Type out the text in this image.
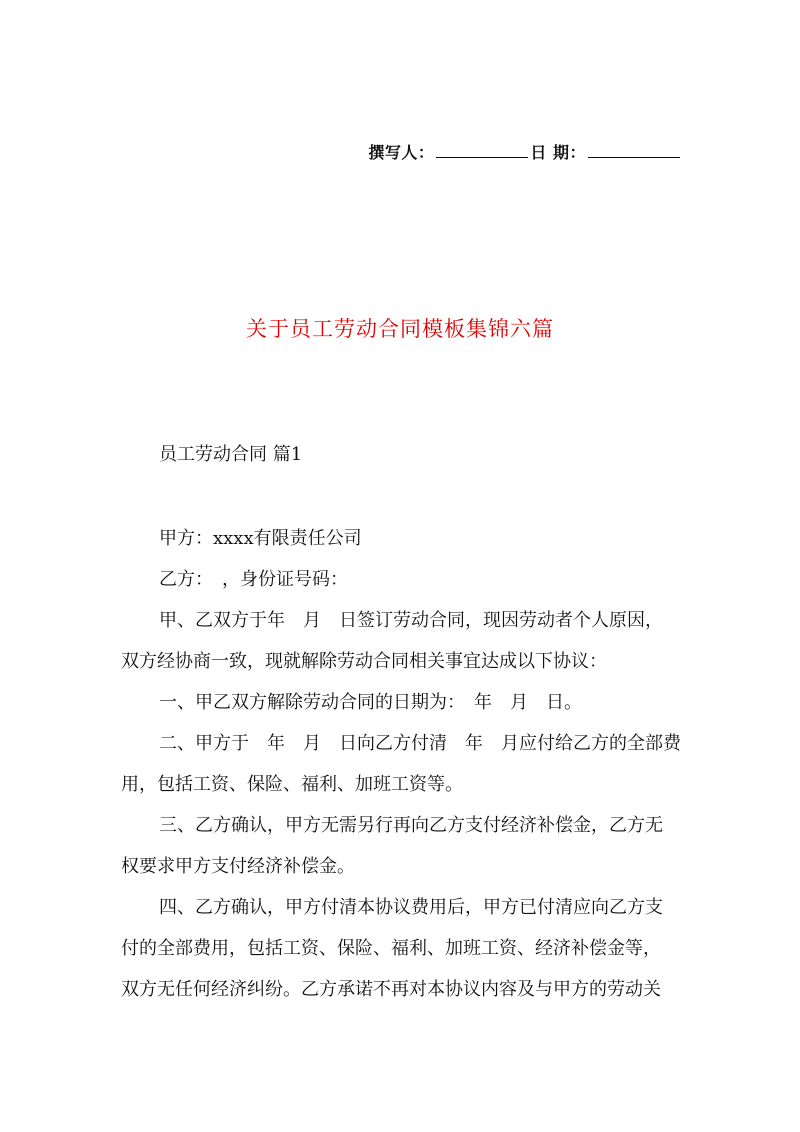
撰写人：	日 期：
关于员工劳动合同模板集锦六篇
员工劳动合同 篇1
甲方：xxxx有限责任公司
乙方：　，身份证号码：
甲、乙双方于年　月　日签订劳动合同，现因劳动者个人原因，
双方经协商一致，现就解除劳动合同相关事宜达成以下协议：
一、甲乙双方解除劳动合同的日期为：　年　月　日。
二、甲方于　年　月　日向乙方付清　年　月应付给乙方的全部费
用，包括工资、保险、福利、加班工资等。
三、乙方确认，甲方无需另行再向乙方支付经济补偿金，乙方无
权要求甲方支付经济补偿金。
四、乙方确认，甲方付清本协议费用后，甲方已付清应向乙方支
付的全部费用，包括工资、保险、福利、加班工资、经济补偿金等，
双方无任何经济纠纷。乙方承诺不再对本协议内容及与甲方的劳动关
